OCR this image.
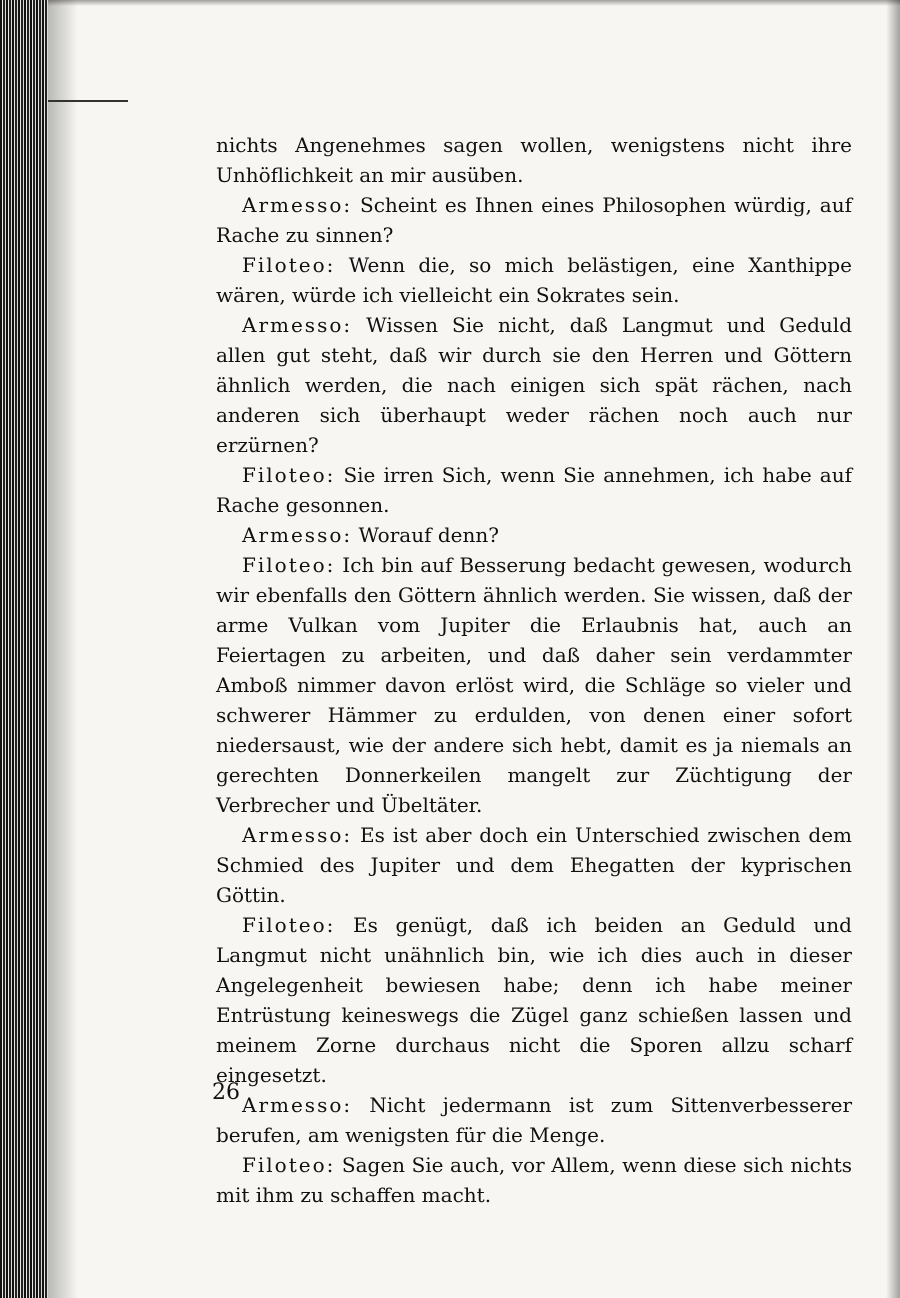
nichts Angenehmes sagen wollen, wenigstens nicht ihre Unhöflichkeit an mir ausüben.

Armesso: Scheint es Ihnen eines Philosophen würdig, auf Rache zu sinnen?

Filoteo: Wenn die, so mich belästigen, eine Xanthippe wären, würde ich vielleicht ein Sokrates sein.

Armesso: Wissen Sie nicht, daß Langmut und Geduld allen gut steht, daß wir durch sie den Herren und Göttern ähnlich werden, die nach einigen sich spät rächen, nach anderen sich überhaupt weder rächen noch auch nur erzürnen?

Filoteo: Sie irren Sich, wenn Sie annehmen, ich habe auf Rache gesonnen.

Armesso: Worauf denn?

Filoteo: Ich bin auf Besserung bedacht gewesen, wodurch wir ebenfalls den Göttern ähnlich werden. Sie wissen, daß der arme Vulkan vom Jupiter die Erlaubnis hat, auch an Feiertagen zu arbeiten, und daß daher sein verdammter Amboß nimmer davon erlöst wird, die Schläge so vieler und schwerer Hämmer zu erdulden, von denen einer sofort niedersaust, wie der andere sich hebt, damit es ja niemals an gerechten Donnerkeilen mangelt zur Züchtigung der Verbrecher und Übeltäter.

Armesso: Es ist aber doch ein Unterschied zwischen dem Schmied des Jupiter und dem Ehegatten der kyprischen Göttin.

Filoteo: Es genügt, daß ich beiden an Geduld und Langmut nicht unähnlich bin, wie ich dies auch in dieser Angelegenheit bewiesen habe; denn ich habe meiner Entrüstung keineswegs die Zügel ganz schießen lassen und meinem Zorne durchaus nicht die Sporen allzu scharf eingesetzt.

Armesso: Nicht jedermann ist zum Sittenverbesserer berufen, am wenigsten für die Menge.

Filoteo: Sagen Sie auch, vor Allem, wenn diese sich nichts mit ihm zu schaffen macht.

26
